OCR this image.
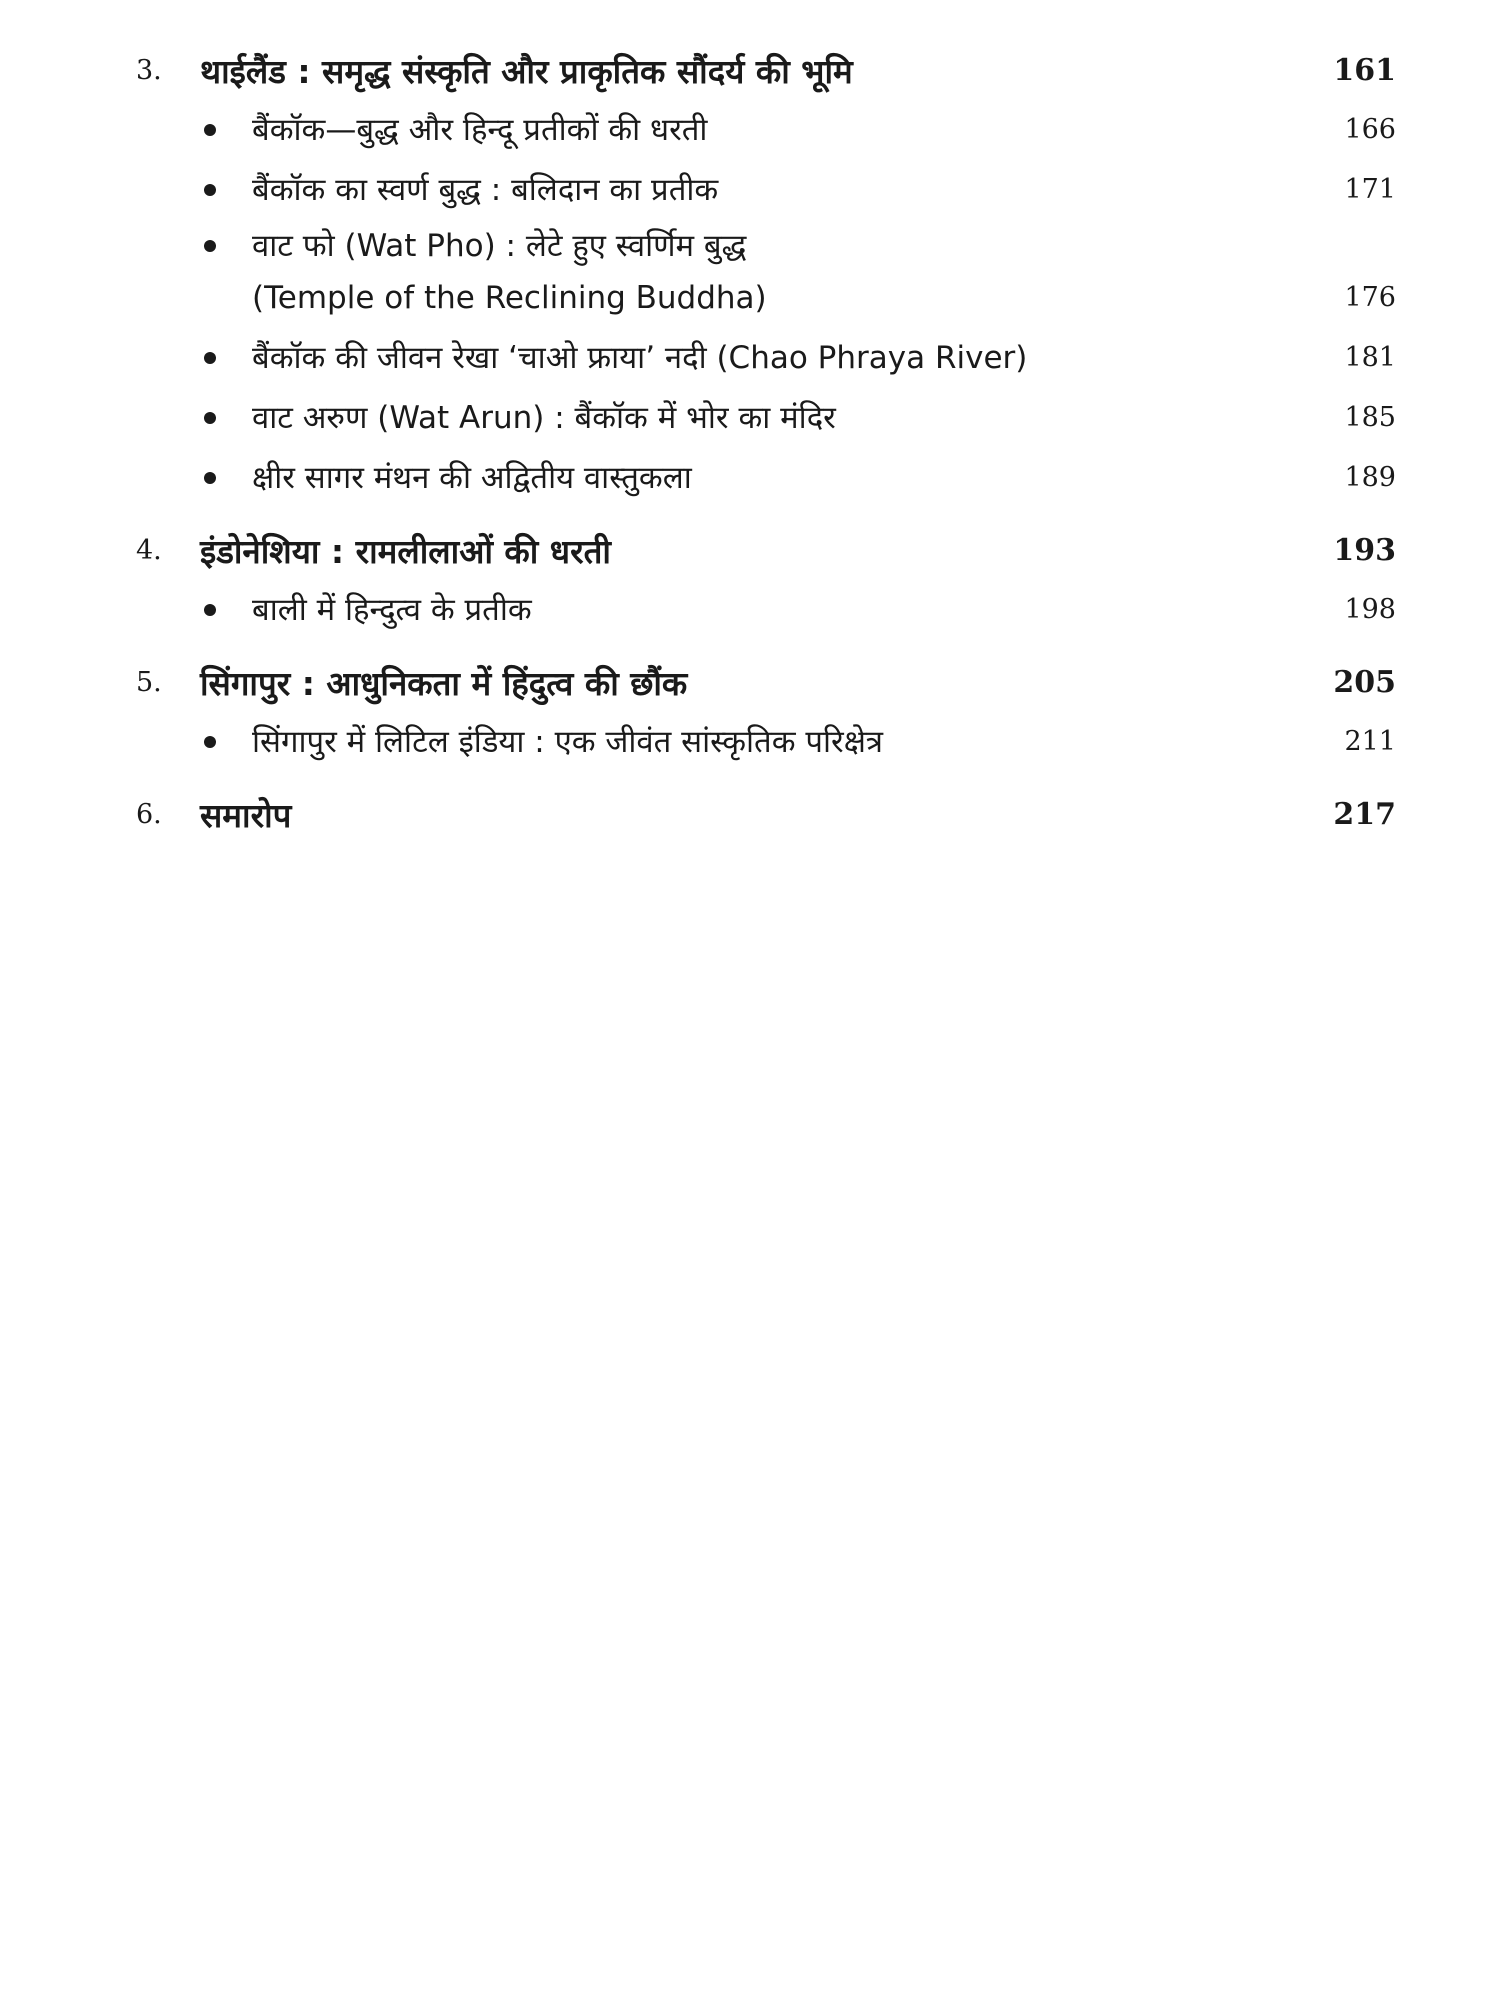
3.	थाईलैंड : समृद्ध संस्कृति और प्राकृतिक सौंदर्य की भूमि	161
बैंकॉक—बुद्ध और हिन्दू प्रतीकों की धरती	166
बैंकॉक का स्वर्ण बुद्ध : बलिदान का प्रतीक	171
वाट फो (Wat Pho) : लेटे हुए स्वर्णिम बुद्ध
(Temple of the Reclining Buddha)	176
बैंकॉक की जीवन रेखा ‘चाओ फ्राया’ नदी (Chao Phraya River)	181
वाट अरुण (Wat Arun) : बैंकॉक में भोर का मंदिर	185
क्षीर सागर मंथन की अद्वितीय वास्तुकला	189
4.	इंडोनेशिया : रामलीलाओं की धरती	193
बाली में हिन्दुत्व के प्रतीक	198
5.	सिंगापुर : आधुनिकता में हिंदुत्व की छौंक	205
सिंगापुर में लिटिल इंडिया : एक जीवंत सांस्कृतिक परिक्षेत्र	211
6.	समारोप	217
